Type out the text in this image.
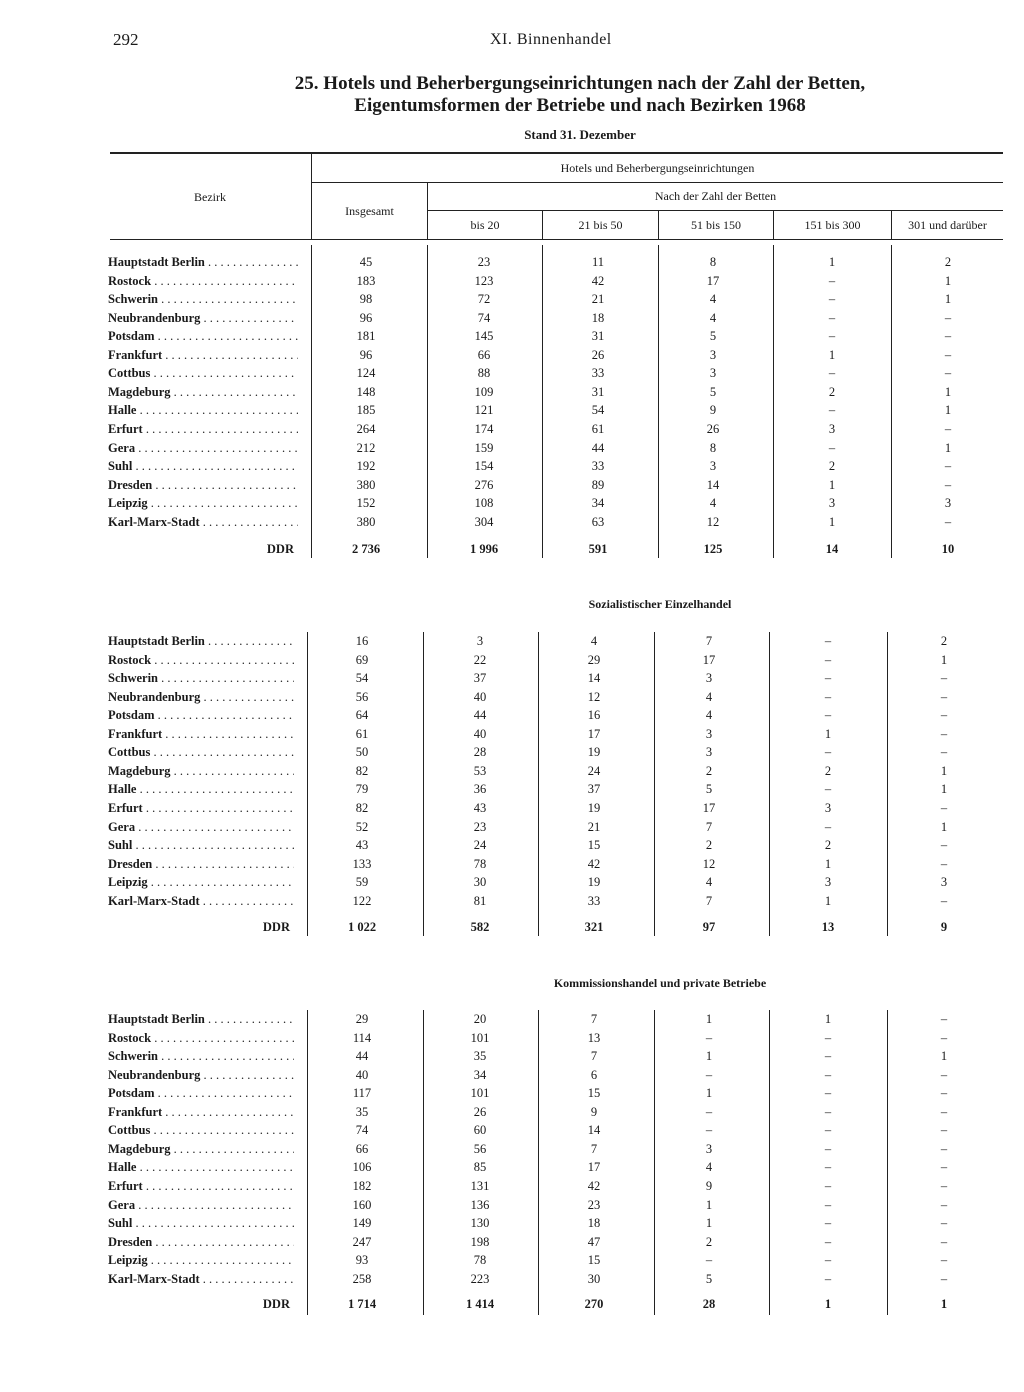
292	XI. Binnenhandel
25. Hotels und Beherbergungseinrichtungen nach der Zahl der Betten,
Eigentumsformen der Betriebe und nach Bezirken 1968
Stand 31. Dezember
Bezirk
Hotels und Beherbergungseinrichtungen
Insgesamt
Nach der Zahl der Betten
bis 20	21 bis 50	51 bis 150	151 bis 300	301 und darüber
Sozialistischer Einzelhandel
Kommissionshandel und private Betriebe
Hauptstadt Berlin . . .	45	23	11	8	1	2
Rostock . . .	183	123	42	17	–	1
Schwerin . . .	98	72	21	4	–	1
Neubrandenburg . . .	96	74	18	4	–	–
Potsdam . . .	181	145	31	5	–	–
Frankfurt . . .	96	66	26	3	1	–
Cottbus . . .	124	88	33	3	–	–
Magdeburg . . .	148	109	31	5	2	1
Halle . . .	185	121	54	9	–	1
Erfurt . . .	264	174	61	26	3	–
Gera . . .	212	159	44	8	–	1
Suhl . . .	192	154	33	3	2	–
Dresden . . .	380	276	89	14	1	–
Leipzig . . .	152	108	34	4	3	3
Karl-Marx-Stadt . . .	380	304	63	12	1	–
DDR	2 736	1 996	591	125	14	10
Hauptstadt Berlin . . .	16	3	4	7	–	2
Rostock . . .	69	22	29	17	–	1
Schwerin . . .	54	37	14	3	–	–
Neubrandenburg . . .	56	40	12	4	–	–
Potsdam . . .	64	44	16	4	–	–
Frankfurt . . .	61	40	17	3	1	–
Cottbus . . .	50	28	19	3	–	–
Magdeburg . . .	82	53	24	2	2	1
Halle . . .	79	36	37	5	–	1
Erfurt . . .	82	43	19	17	3	–
Gera . . .	52	23	21	7	–	1
Suhl . . .	43	24	15	2	2	–
Dresden . . .	133	78	42	12	1	–
Leipzig . . .	59	30	19	4	3	3
Karl-Marx-Stadt . . .	122	81	33	7	1	–
DDR	1 022	582	321	97	13	9
Hauptstadt Berlin . . .	29	20	7	1	1	–
Rostock . . .	114	101	13	–	–	–
Schwerin . . .	44	35	7	1	–	1
Neubrandenburg . . .	40	34	6	–	–	–
Potsdam . . .	117	101	15	1	–	–
Frankfurt . . .	35	26	9	–	–	–
Cottbus . . .	74	60	14	–	–	–
Magdeburg . . .	66	56	7	3	–	–
Halle . . .	106	85	17	4	–	–
Erfurt . . .	182	131	42	9	–	–
Gera . . .	160	136	23	1	–	–
Suhl . . .	149	130	18	1	–	–
Dresden . . .	247	198	47	2	–	–
Leipzig . . .	93	78	15	–	–	–
Karl-Marx-Stadt . . .	258	223	30	5	–	–
DDR	1 714	1 414	270	28	1	1
